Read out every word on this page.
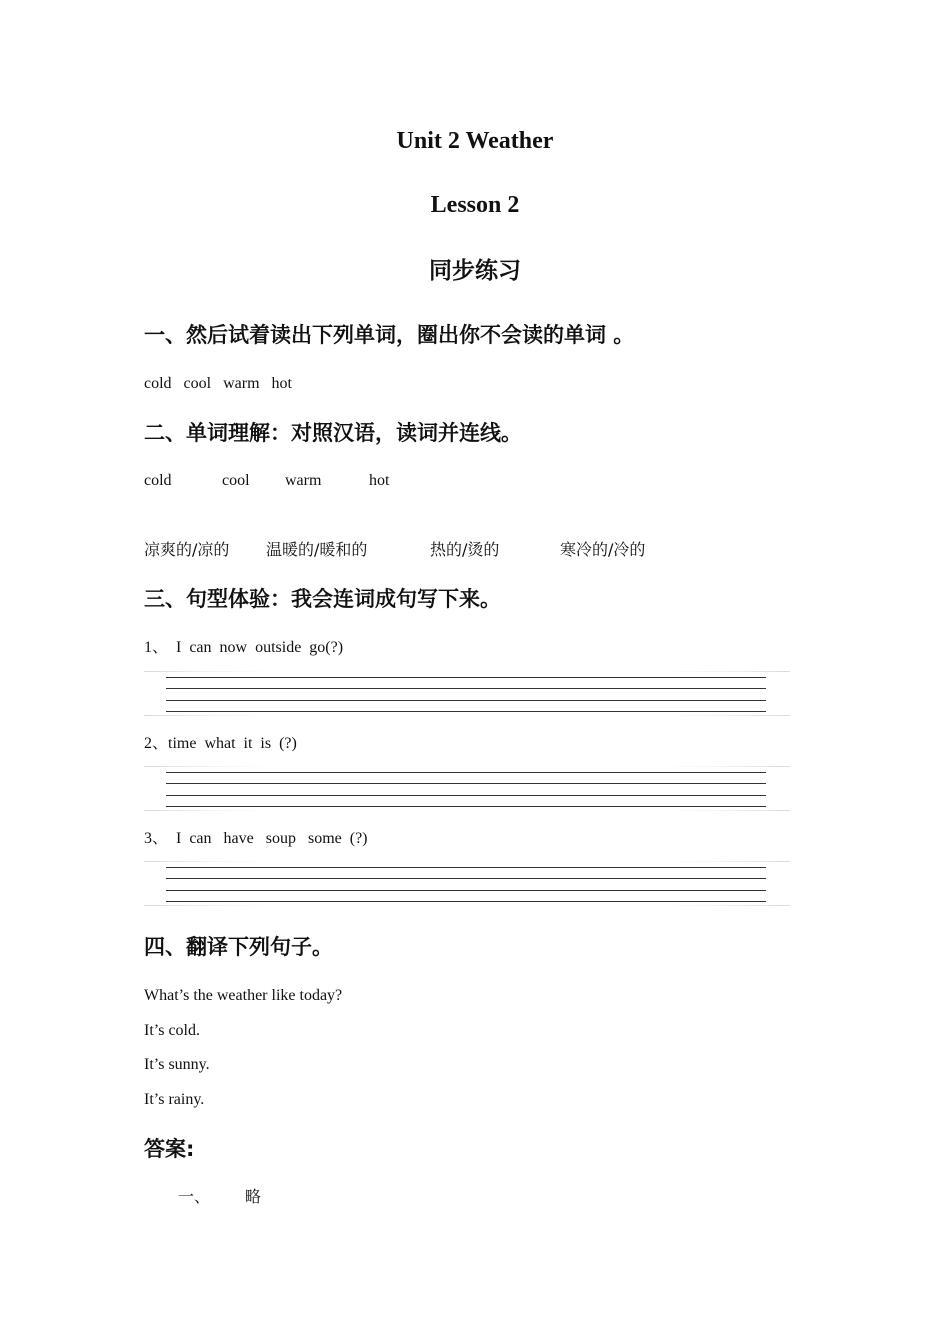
Unit 2 Weather
Lesson 2
同步练习
一、然后试着读出下列单词，圈出你不会读的单词 。
cold   cool   warm   hot
二、单词理解：对照汉语，读词并连线。
cold	cool warm	hot
凉爽的/凉的 温暖的/暖和的	热的/烫的	寒冷的/冷的
三、句型体验：我会连词成句写下来。
1、  I  can  now  outside  go(?)
2、time  what  it  is  (?)
3、  I  can   have   soup   some  (?)
四、翻译下列句子。
What’s the weather like today?
It’s cold.
It’s sunny.
It’s rainy.
答案:
一、 略
